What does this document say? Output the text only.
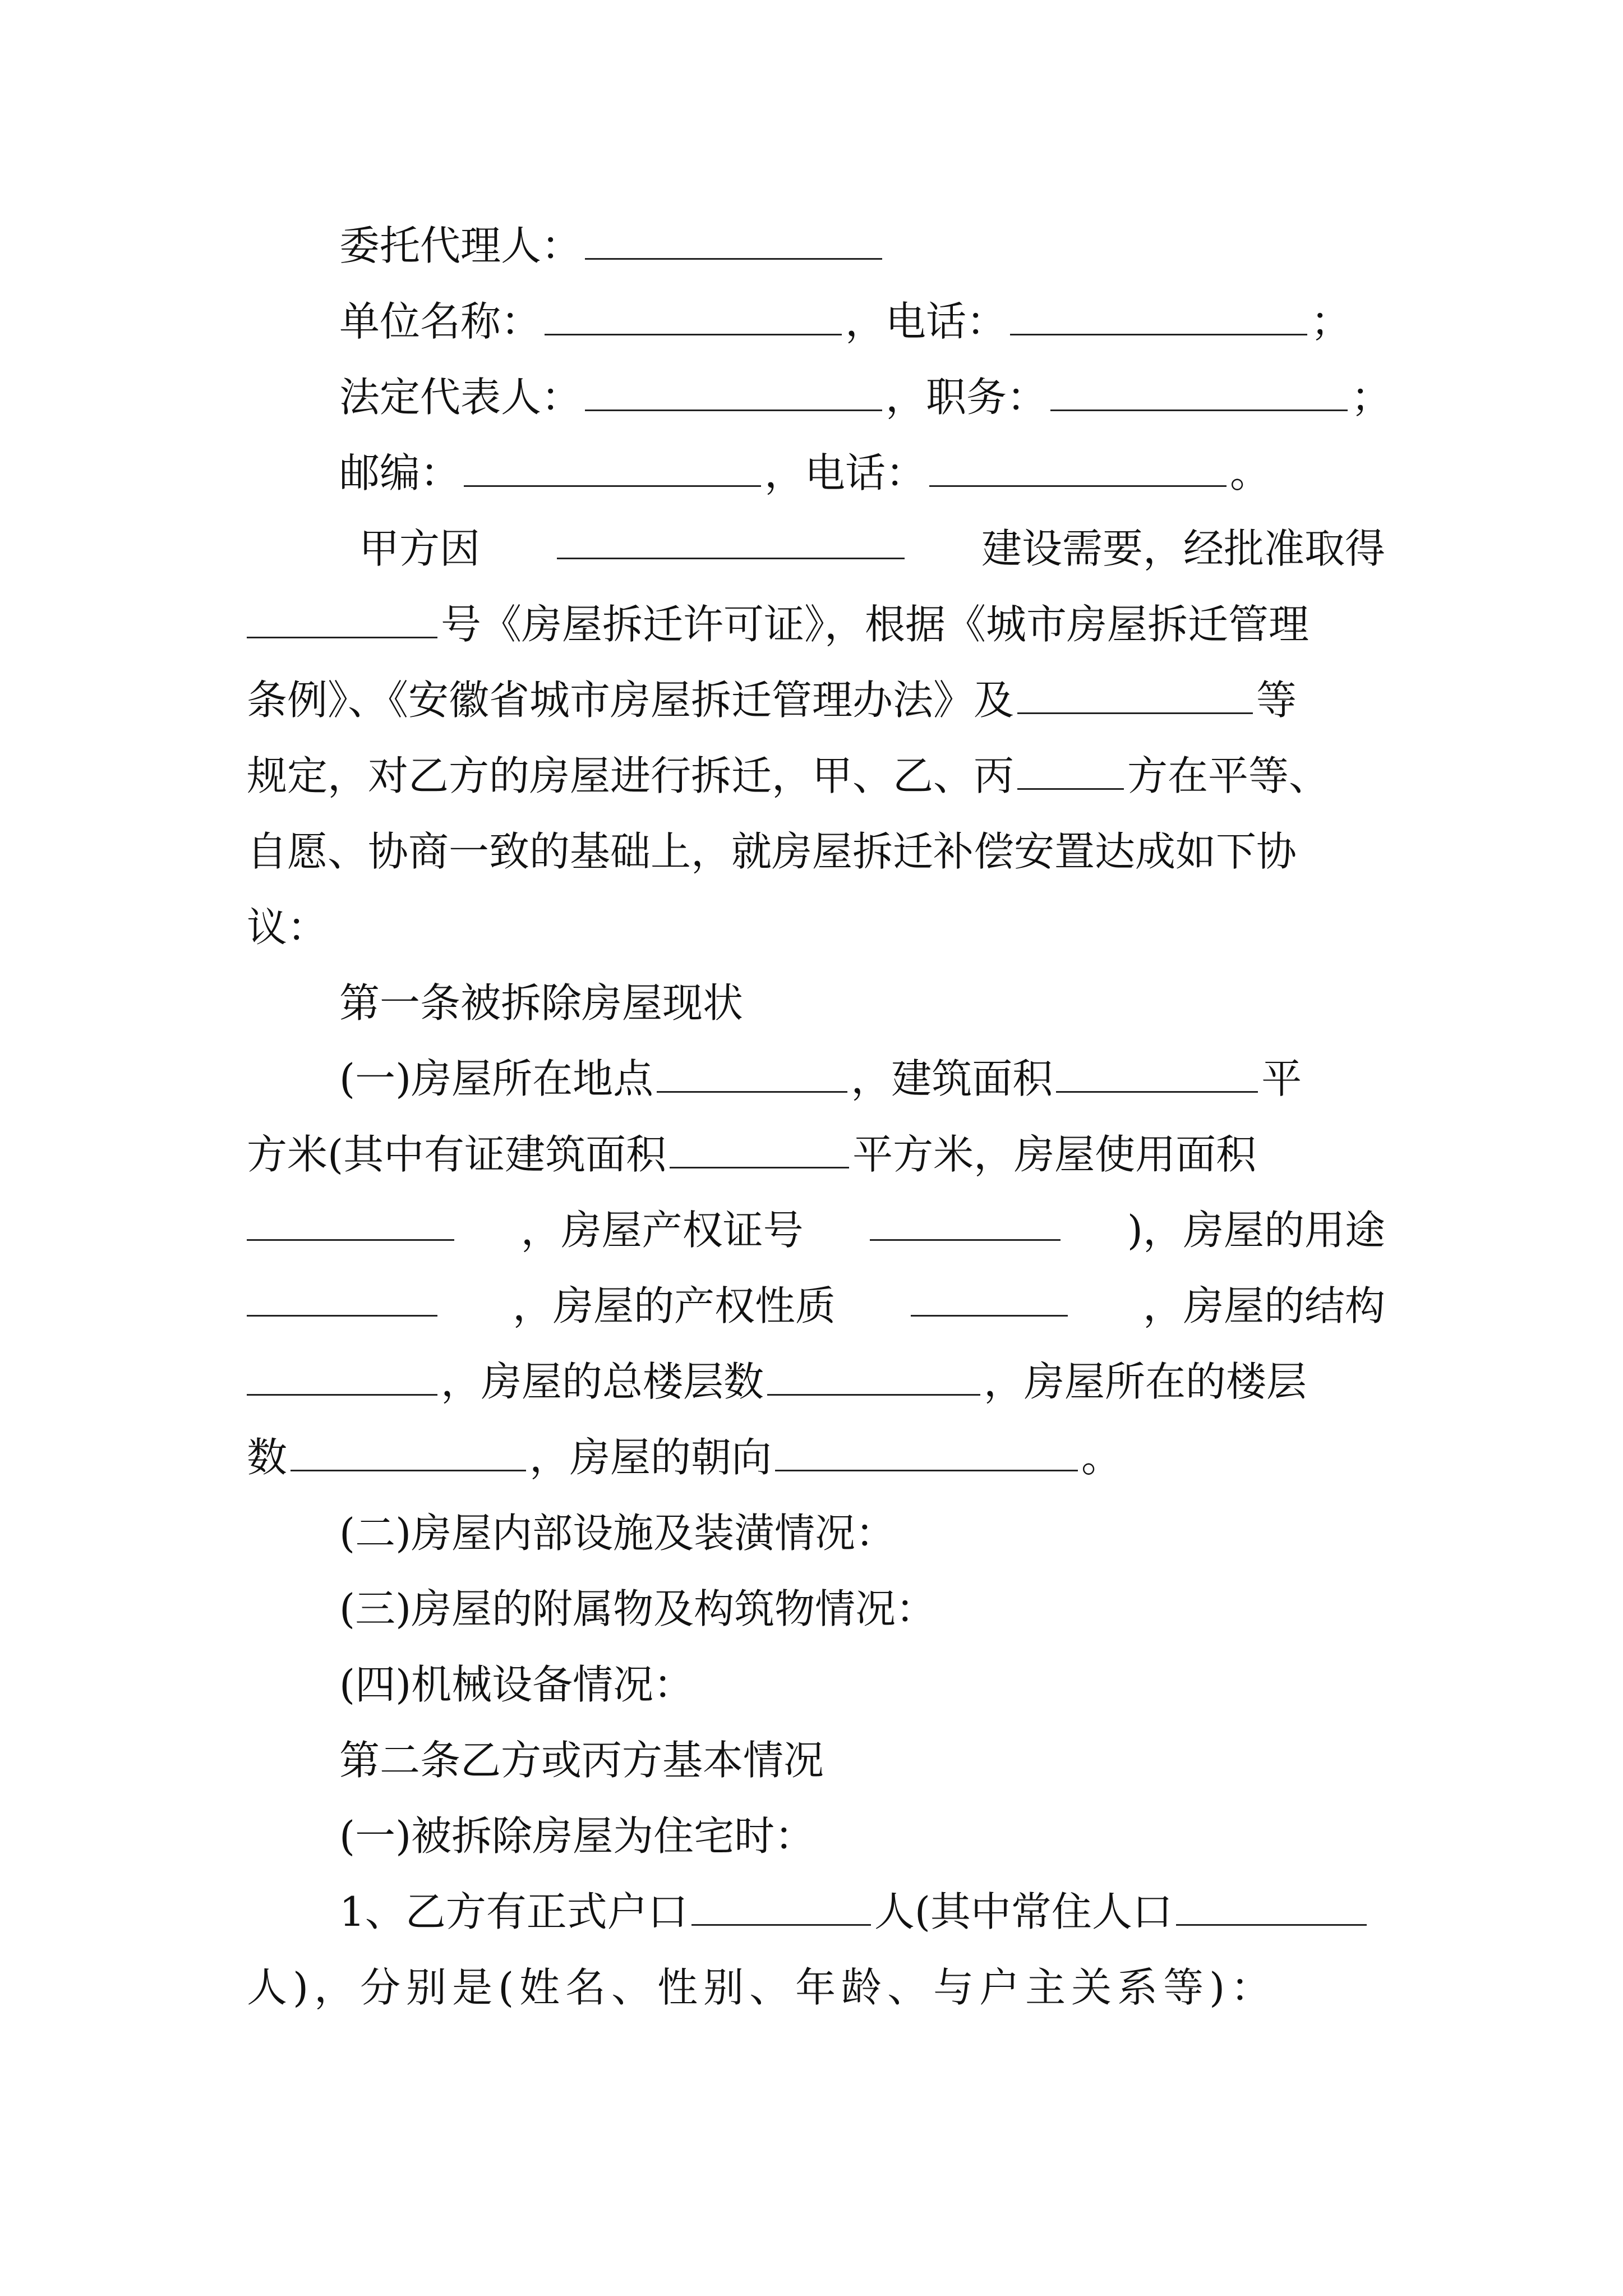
委托代理人：
单位名称：	，电话：	；
法定代表人：	，职务：	；
邮编：	，电话：	。
甲方因	建设需要，经批准取得
号《房屋拆迁许可证》，根据《城市房屋拆迁管理
条例》、《安徽省城市房屋拆迁管理办法》及	等
规定，对乙方的房屋进行拆迁，甲、乙、丙	方在平等、
自愿、协商一致的基础上，就房屋拆迁补偿安置达成如下协
议：
第一条被拆除房屋现状
(一)房屋所在地点	，建筑面积	平
方米(其中有证建筑面积	平方米，房屋使用面积
，房屋产权证号	)，房屋的用途
，房屋的产权性质	，房屋的结构
，房屋的总楼层数	，房屋所在的楼层
数	，房屋的朝向	。
(二)房屋内部设施及装潢情况：
(三)房屋的附属物及构筑物情况：
(四)机械设备情况：
第二条乙方或丙方基本情况
(一)被拆除房屋为住宅时：
1、乙方有正式户口	人(其中常住人口
人)，分别是(姓名、性别、年龄、与户主关系等)：
